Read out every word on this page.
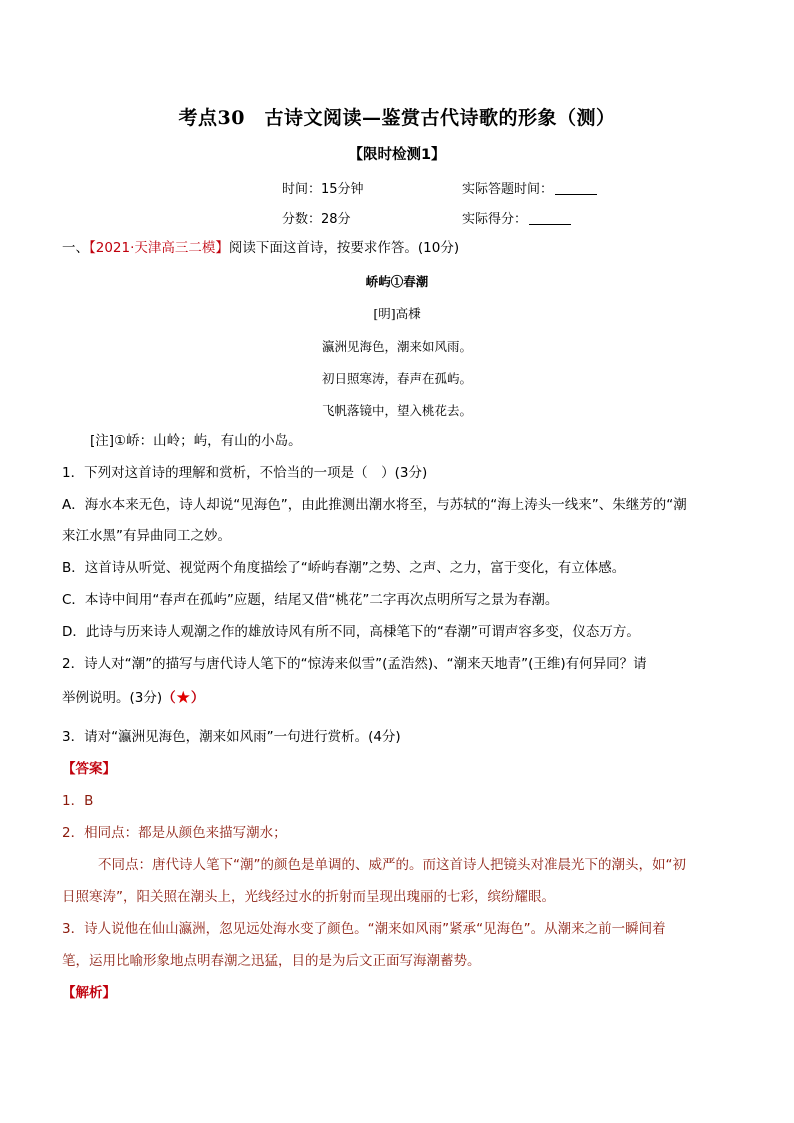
考点30　古诗文阅读—鉴赏古代诗歌的形象（测）
【限时检测1】
时间：15分钟	实际答题时间：
分数：28分	实际得分：
一、【2021·天津高三二模】阅读下面这首诗，按要求作答。(10分)
峤屿①春潮
[明]高棅
瀛洲见海色，潮来如风雨。
初日照寒涛，春声在孤屿。
飞帆落镜中，望入桃花去。
[注]①峤：山岭；屿，有山的小岛。
1．下列对这首诗的理解和赏析，不恰当的一项是（　）(3分)
A．海水本来无色，诗人却说“见海色”，由此推测出潮水将至，与苏轼的“海上涛头一线来”、朱继芳的“潮
来江水黑”有异曲同工之妙。
B．这首诗从听觉、视觉两个角度描绘了“峤屿春潮”之势、之声、之力，富于变化，有立体感。
C．本诗中间用“春声在孤屿”应题，结尾又借“桃花”二字再次点明所写之景为春潮。
D．此诗与历来诗人观潮之作的雄放诗风有所不同，高棅笔下的“春潮”可谓声容多变，仪态万方。
2．诗人对“潮”的描写与唐代诗人笔下的“惊涛来似雪”(孟浩然)、“潮来天地青”(王维)有何异同？请
举例说明。(3分)（★）
3．请对“瀛洲见海色，潮来如风雨”一句进行赏析。(4分)
【答案】
1．B
2．相同点：都是从颜色来描写潮水；
不同点：唐代诗人笔下“潮”的颜色是单调的、威严的。而这首诗人把镜头对准晨光下的潮头，如“初
日照寒涛”，阳关照在潮头上，光线经过水的折射而呈现出瑰丽的七彩，缤纷耀眼。
3．诗人说他在仙山瀛洲，忽见远处海水变了颜色。“潮来如风雨”紧承“见海色”。从潮来之前一瞬间着
笔，运用比喻形象地点明春潮之迅猛，目的是为后文正面写海潮蓄势。
【解析】
